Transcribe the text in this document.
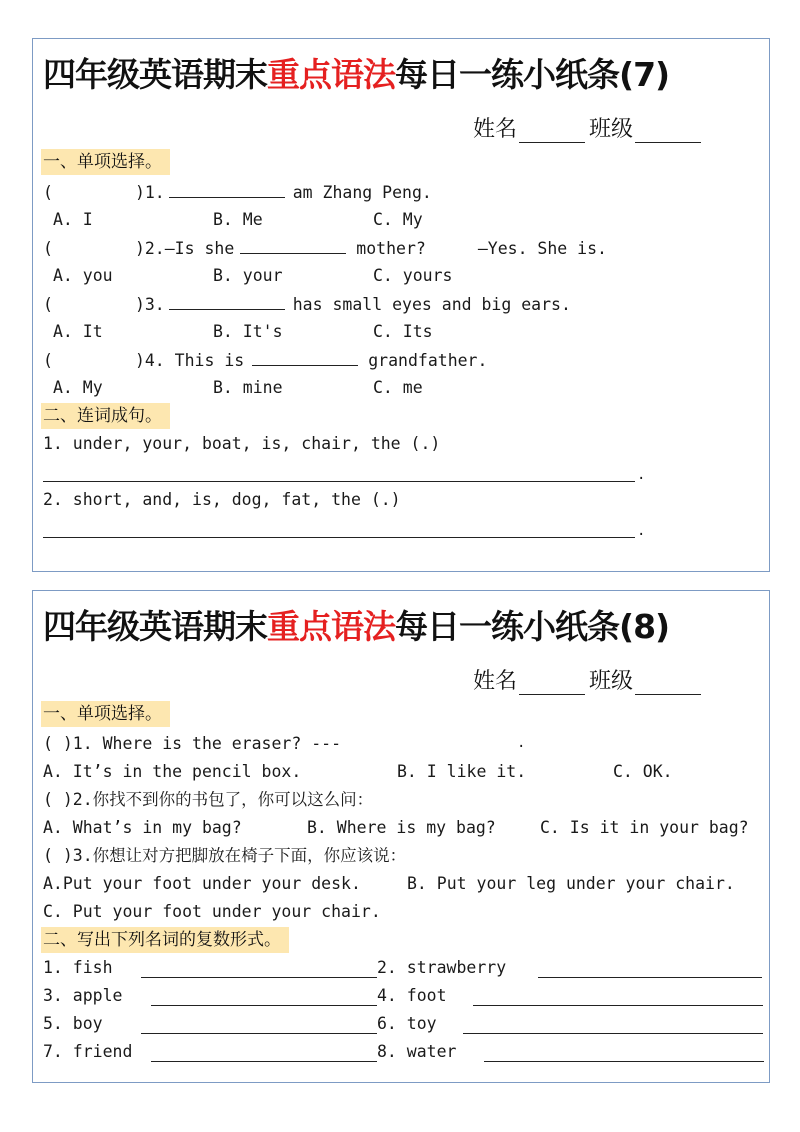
四年级英语期末重点语法每日一练小纸条(7)
姓名	班级
一、单项选择。
(	)1.	am Zhang Peng.
A. I	B. Me	C. My
(	)2.—Is she	mother?	—Yes. She is.
A. you	B. your	C. yours
(	)3.	has small eyes and big ears.
A. It	B. It's	C. Its
(	)4. This is	grandfather.
A. My	B. mine	C. me
二、连词成句。
1. under, your, boat, is, chair, the (.)
.
2. short, and, is, dog, fat, the (.)
.
四年级英语期末重点语法每日一练小纸条(8)
姓名	班级
一、单项选择。
( )1. Where is the eraser? ---	.
A. It’s in the pencil box.	B. I like it.	C. OK.
( )2.你找不到你的书包了，你可以这么问：
A. What’s in my bag?	B. Where is my bag?	C. Is it in your bag?
( )3.你想让对方把脚放在椅子下面，你应该说：
A.Put your foot under your desk.	B. Put your leg under your chair.
C. Put your foot under your chair.
二、写出下列名词的复数形式。
1. fish	2. strawberry
3. apple	4. foot
5. boy	6. toy
7. friend	8. water
